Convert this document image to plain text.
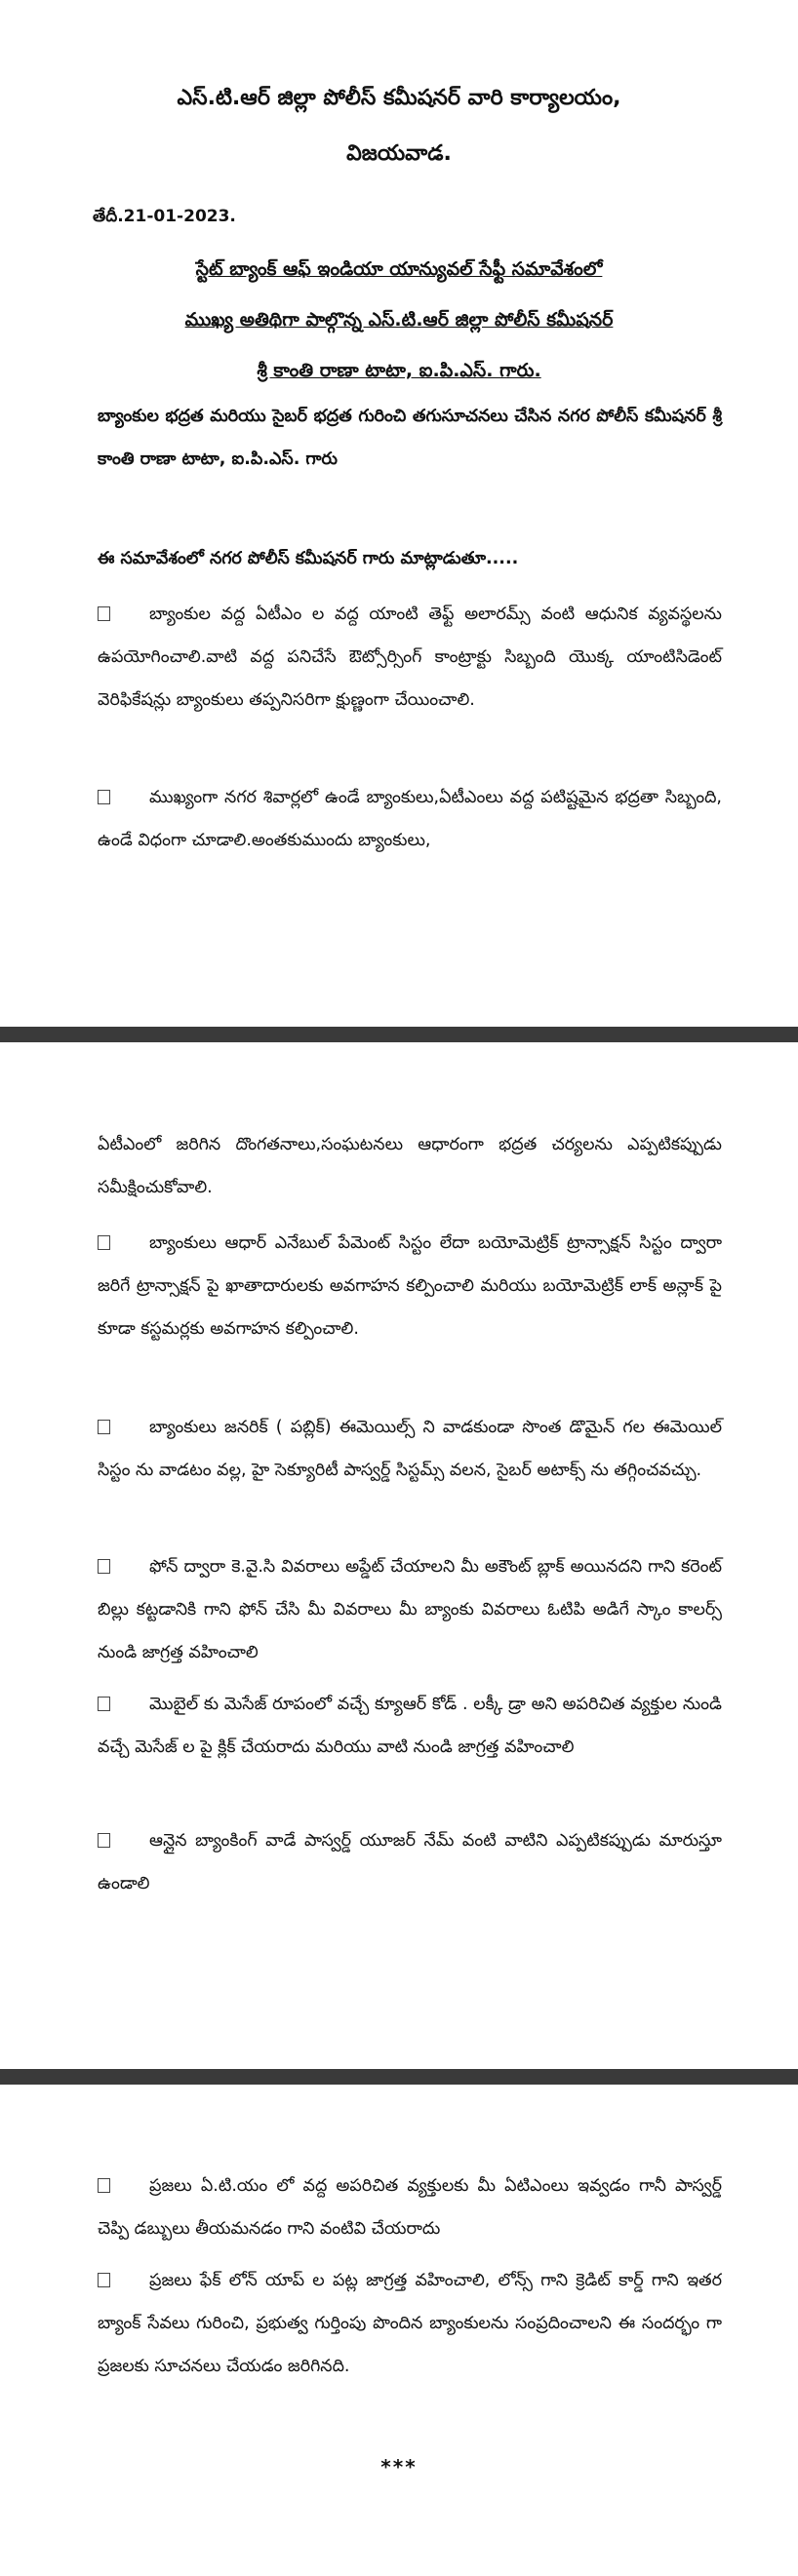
ఎస్.టి.ఆర్ జిల్లా పోలీస్ కమీషనర్ వారి కార్యాలయం,
విజయవాడ.
తేదీ.21-01-2023.
స్టేట్ బ్యాంక్ ఆఫ్ ఇండియా యాన్యువల్ సేఫ్టీ సమావేశంలో
ముఖ్య అతిథిగా పాల్గొన్న ఎస్.టి.ఆర్ జిల్లా పోలీస్ కమీషనర్
శ్రీ కాంతి రాణా టాటా, ఐ.పి.ఎస్. గారు.

బ్యాంకుల భద్రత మరియు సైబర్ భద్రత గురించి తగుసూచనలు చేసిన నగర పోలీస్ కమీషనర్ శ్రీ కాంతి రాణా టాటా, ఐ.పి.ఎస్. గారు

ఈ సమావేశంలో నగర పోలీస్ కమీషనర్ గారు మాట్లాడుతూ.....

బ్యాంకుల వద్ద ఏటీఎం ల వద్ద యాంటి తెఫ్ట్ అలారమ్స్ వంటి ఆధునిక వ్యవస్థలను ఉపయోగించాలి.వాటి వద్ద పనిచేసే ఔట్సోర్సింగ్ కాంట్రాక్టు సిబ్బంది యొక్క యాంటిసిడెంట్ వెరిఫికేషన్లు బ్యాంకులు తప్పనిసరిగా క్షుణ్ణంగా చేయించాలి.

ముఖ్యంగా నగర శివార్లలో ఉండే బ్యాంకులు,ఏటీఎంలు వద్ద పటిష్టమైన భద్రతా సిబ్బంది, ఉండే విధంగా చూడాలి.అంతకుముందు బ్యాంకులు,

ఏటీఎంలో జరిగిన దొంగతనాలు,సంఘటనలు ఆధారంగా భద్రత చర్యలను ఎప్పటికప్పుడు సమీక్షించుకోవాలి.

బ్యాంకులు ఆధార్ ఎనేబుల్ పేమెంట్ సిస్టం లేదా బయోమెట్రిక్ ట్రాన్సాక్షన్ సిస్టం ద్వారా జరిగే ట్రాన్సాక్షన్ పై ఖాతాదారులకు అవగాహన కల్పించాలి మరియు బయోమెట్రిక్ లాక్ అన్లాక్ పై కూడా కస్టమర్లకు అవగాహన కల్పించాలి.

బ్యాంకులు జనరిక్ ( పబ్లిక్) ఈమెయిల్స్ ని వాడకుండా సొంత డొమైన్ గల ఈమెయిల్ సిస్టం ను వాడటం వల్ల, హై సెక్యూరిటీ పాస్వర్డ్ సిస్టమ్స్ వలన, సైబర్ అటాక్స్ ను తగ్గించవచ్చు.

ఫోన్ ద్వారా కె.వై.సి వివరాలు అప్డేట్ చేయాలని మీ అకౌంట్ బ్లాక్ అయినదని గాని కరెంట్ బిల్లు కట్టడానికి గాని ఫోన్ చేసి మీ వివరాలు మీ బ్యాంకు వివరాలు ఓటిపి అడిగే స్కాం కాలర్స్ నుండి జాగ్రత్త వహించాలి

మొబైల్ కు మెసేజ్ రూపంలో వచ్చే క్యూఆర్ కోడ్ . లక్కీ డ్రా అని అపరిచిత వ్యక్తుల నుండి వచ్చే మెసేజ్ ల పై క్లిక్ చేయరాదు మరియు వాటి నుండి జాగ్రత్త వహించాలి

ఆన్లైన బ్యాంకింగ్ వాడే పాస్వర్డ్ యూజర్ నేమ్ వంటి వాటిని ఎప్పటికప్పుడు మారుస్తూ ఉండాలి

ప్రజలు ఏ.టి.యం లో వద్ద అపరిచిత వ్యక్తులకు మీ ఏటిఎంలు ఇవ్వడం గానీ పాస్వర్డ్ చెప్పి డబ్బులు తీయమనడం గాని వంటివి చేయరాదు

ప్రజలు ఫేక్ లోన్ యాప్ ల పట్ల జాగ్రత్త వహించాలి, లోన్స్ గాని క్రెడిట్ కార్డ్ గాని ఇతర బ్యాంక్ సేవలు గురించి, ప్రభుత్వ గుర్తింపు పొందిన బ్యాంకులను సంప్రదించాలని ఈ సందర్భం గా ప్రజలకు సూచనలు చేయడం జరిగినది.

***
